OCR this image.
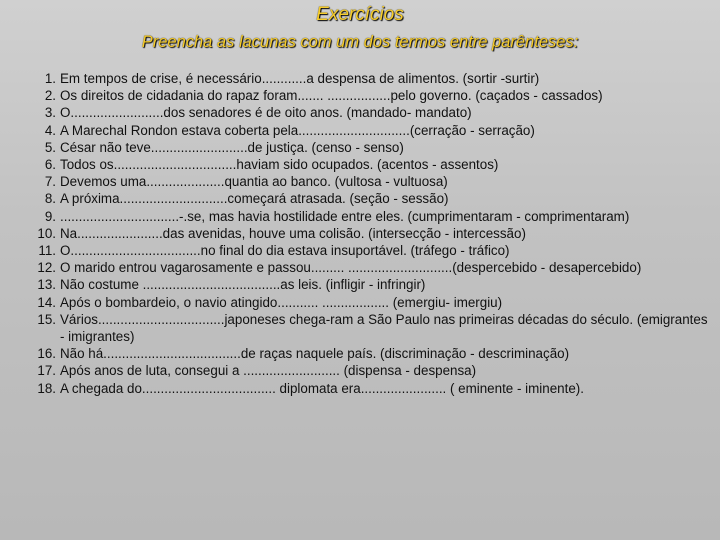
Exercícios
Preencha as lacunas com um dos termos entre parênteses:
1. Em tempos de crise, é necessário............a despensa de alimentos. (sortir -surtir)
2. Os direitos de cidadania do rapaz foram....... .................pelo governo. (caçados - cassados)
3. O.........................dos senadores é de oito anos. (mandado- mandato)
4. A Marechal Rondon estava coberta pela..............................(cerração - serração)
5. César não teve..........................de justiça. (censo - senso)
6. Todos os.................................haviam sido ocupados. (acentos - assentos)
7. Devemos uma.....................quantia ao banco. (vultosa - vultuosa)
8. A próxima.............................começará atrasada. (seção - sessão)
9. ................................-.se, mas havia hostilidade entre eles. (cumprimentaram - comprimentaram)
10. Na.......................das avenidas, houve uma colisão. (intersecção - intercessão)
11. O...................................no final do dia estava insuportável. (tráfego - tráfico)
12. O marido entrou vagarosamente e passou......... ............................(despercebido - desapercebido)
13. Não costume .....................................as leis. (infligir - infringir)
14. Após o bombardeio, o navio atingido........... .................. (emergiu- imergiu)
15. Vários..................................japoneses chega-ram a São Paulo nas primeiras décadas do século. (emigrantes - imigrantes)
16. Não há.....................................de raças naquele país. (discriminação - descriminação)
17. Após anos de luta, consegui a .......................... (dispensa - despensa)
18. A chegada do.................................... diplomata era....................... ( eminente - iminente).
